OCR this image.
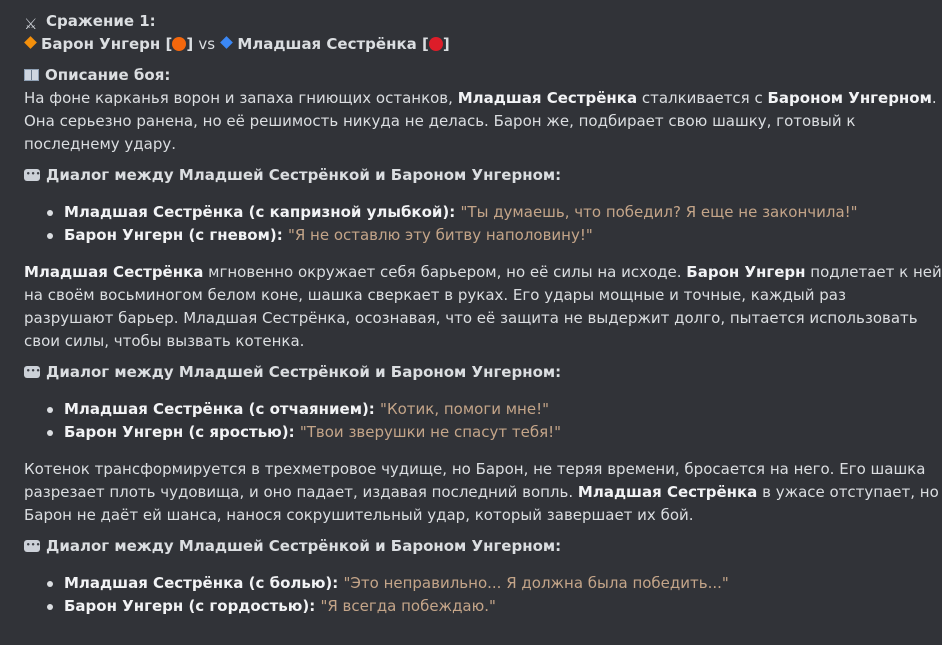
⚔ Сражение 1:

Барон Унгерн [ ] vs Младшая Сестрёнка [ ]

Описание боя:

На фоне карканья ворон и запаха гниющих останков, Младшая Сестрёнка сталкивается с Бароном Унгерном.
Она серьезно ранена, но её решимость никуда не делась. Барон же, подбирает свою шашку, готовый к
последнему удару.

• • •Диалог между Младшей Сестрёнкой и Бароном Унгерном:

Младшая Сестрёнка (с капризной улыбкой): "Ты думаешь, что победил? Я еще не закончила!"
Барон Унгерн (с гневом): "Я не оставлю эту битву наполовину!"
Младшая Сестрёнка мгновенно окружает себя барьером, но её силы на исходе. Барон Унгерн подлетает к ней
на своём восьминогом белом коне, шашка сверкает в руках. Его удары мощные и точные, каждый раз
разрушают барьер. Младшая Сестрёнка, осознавая, что её защита не выдержит долго, пытается использовать
свои силы, чтобы вызвать котенка.

• • •Диалог между Младшей Сестрёнкой и Бароном Унгерном:

Младшая Сестрёнка (с отчаянием): "Котик, помоги мне!"
Барон Унгерн (с яростью): "Твои зверушки не спасут тебя!"
Котенок трансформируется в трехметровое чудище, но Барон, не теряя времени, бросается на него. Его шашка
разрезает плоть чудовища, и оно падает, издавая последний вопль. Младшая Сестрёнка в ужасе отступает, но
Барон не даёт ей шанса, нанося сокрушительный удар, который завершает их бой.

• • •Диалог между Младшей Сестрёнкой и Бароном Унгерном:

Младшая Сестрёнка (с болью): "Это неправильно... Я должна была победить..."
Барон Унгерн (с гордостью): "Я всегда побеждаю."
